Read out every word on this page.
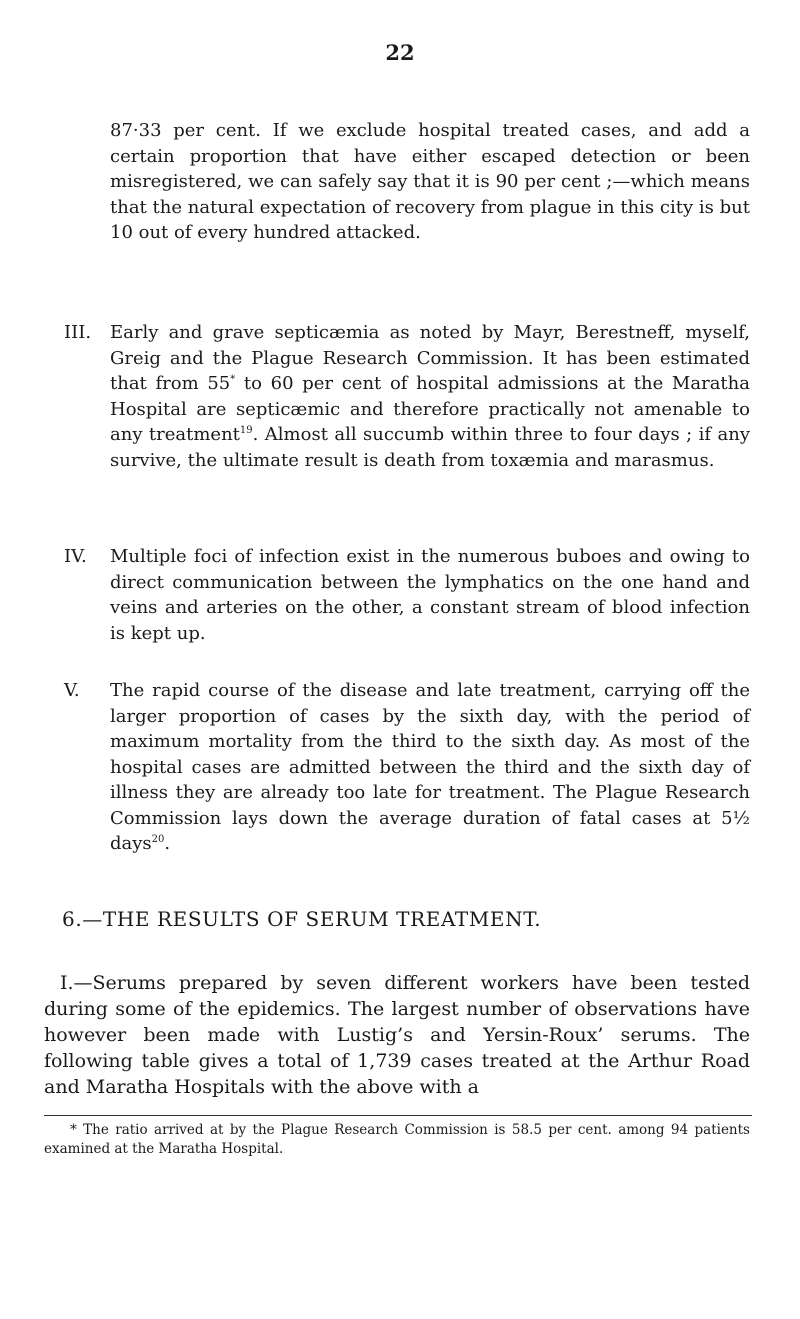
22

87·33 per cent. If we exclude hospital treated cases, and add a certain proportion that have either escaped detection or been misregistered, we can safely say that it is 90 per cent ;—which means that the natural expectation of recovery from plague in this city is but 10 out of every hundred attacked.

III.	Early and grave septicæmia as noted by Mayr, Berestneff, myself, Greig and the Plague Research Commission. It has been estimated that from 55* to 60 per cent of hospital admissions at the Maratha Hospital are septicæmic and therefore practically not amenable to any treatment$^{19}$. Almost all succumb within three to four days ; if any survive, the ultimate result is death from toxæmia and marasmus.
IV.	Multiple foci of infection exist in the numerous buboes and owing to direct communication between the lymphatics on the one hand and veins and arteries on the other, a constant stream of blood infection is kept up.
V.	The rapid course of the disease and late treatment, carrying off the larger proportion of cases by the sixth day, with the period of maximum mortality from the third to the sixth day. As most of the hospital cases are admitted between the third and the sixth day of illness they are already too late for treatment. The Plague Research Commission lays down the average duration of fatal cases at 5½ days$^{20}$.
6.—THE RESULTS OF SERUM TREATMENT.
I.—Serums prepared by seven different workers have been tested during some of the epidemics. The largest number of observations have however been made with Lustig’s and Yersin-Roux’ serums. The following table gives a total of 1,739 cases treated at the Arthur Road and Maratha Hospitals with the above with a
* The ratio arrived at by the Plague Research Commission is 58.5 per cent. among 94 patients examined at the Maratha Hospital.
